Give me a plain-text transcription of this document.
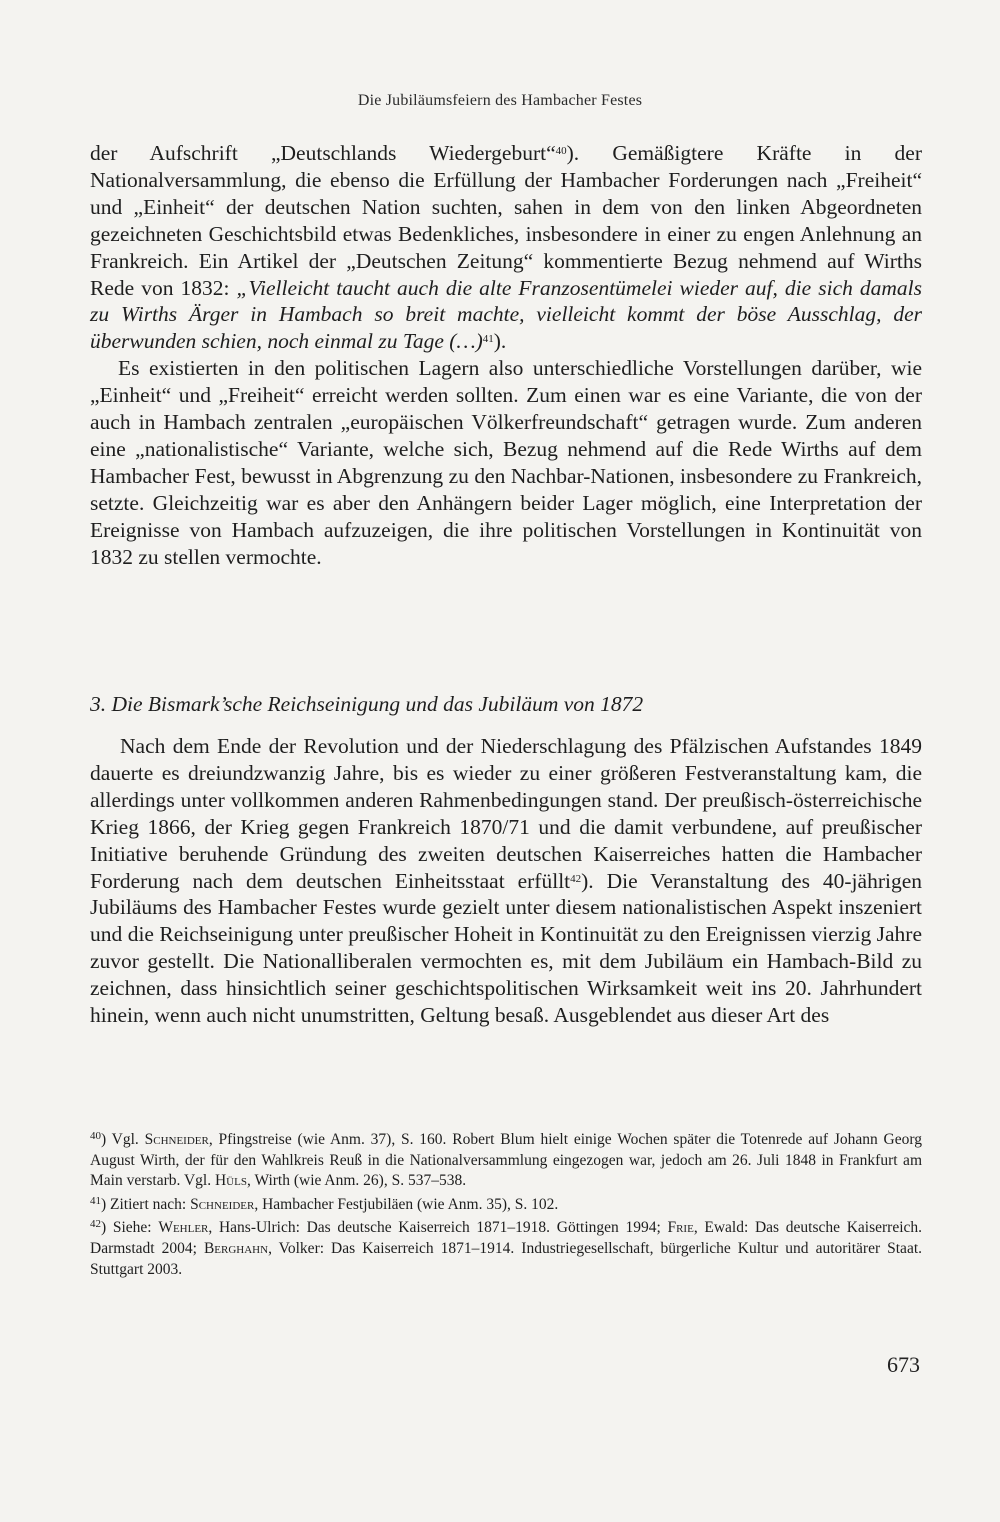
Die Jubiläumsfeiern des Hambacher Festes

der Aufschrift „Deutschlands Wiedergeburt“$^{40}$). Gemäßigtere Kräfte in der Nationalversammlung, die ebenso die Erfüllung der Hambacher Forderungen nach „Freiheit“ und „Einheit“ der deutschen Nation suchten, sahen in dem von den linken Abgeordneten gezeichneten Geschichtsbild etwas Bedenkliches, insbesondere in einer zu engen Anlehnung an Frankreich. Ein Artikel der „Deutschen Zeitung“ kommentierte Bezug nehmend auf Wirths Rede von 1832: „Vielleicht taucht auch die alte Franzosentümelei wieder auf, die sich damals zu Wirths Ärger in Hambach so breit machte, vielleicht kommt der böse Ausschlag, der überwunden schien, noch einmal zu Tage (…)$^{41}$).

Es existierten in den politischen Lagern also unterschiedliche Vorstellungen darüber, wie „Einheit“ und „Freiheit“ erreicht werden sollten. Zum einen war es eine Variante, die von der auch in Hambach zentralen „europäischen Völkerfreundschaft“ getragen wurde. Zum anderen eine „nationalistische“ Variante, welche sich, Bezug nehmend auf die Rede Wirths auf dem Hambacher Fest, bewusst in Abgrenzung zu den Nachbar-Nationen, insbesondere zu Frankreich, setzte. Gleichzeitig war es aber den Anhängern beider Lager möglich, eine Interpretation der Ereignisse von Hambach aufzuzeigen, die ihre politischen Vorstellungen in Kontinuität von 1832 zu stellen vermochte.

3. Die Bismark’sche Reichseinigung und das Jubiläum von 1872

Nach dem Ende der Revolution und der Niederschlagung des Pfälzischen Aufstandes 1849 dauerte es dreiundzwanzig Jahre, bis es wieder zu einer größeren Festveranstaltung kam, die allerdings unter vollkommen anderen Rahmenbedingungen stand. Der preußisch-österreichische Krieg 1866, der Krieg gegen Frankreich 1870/71 und die damit verbundene, auf preußischer Initiative beruhende Gründung des zweiten deutschen Kaiserreiches hatten die Hambacher Forderung nach dem deutschen Einheitsstaat erfüllt$^{42}$). Die Veranstaltung des 40-jährigen Jubiläums des Hambacher Festes wurde gezielt unter diesem nationalistischen Aspekt inszeniert und die Reichseinigung unter preußischer Hoheit in Kontinuität zu den Ereignissen vierzig Jahre zuvor gestellt. Die Nationalliberalen vermochten es, mit dem Jubiläum ein Hambach-Bild zu zeichnen, dass hinsichtlich seiner geschichtspolitischen Wirksamkeit weit ins 20. Jahrhundert hinein, wenn auch nicht unumstritten, Geltung besaß. Ausgeblendet aus dieser Art des

$^{40}$) Vgl. Schneider, Pfingstreise (wie Anm. 37), S. 160. Robert Blum hielt einige Wochen später die Totenrede auf Johann Georg August Wirth, der für den Wahlkreis Reuß in die Nationalversammlung eingezogen war, jedoch am 26. Juli 1848 in Frankfurt am Main verstarb. Vgl. Hüls, Wirth (wie Anm. 26), S. 537–538.

$^{41}$) Zitiert nach: Schneider, Hambacher Festjubiläen (wie Anm. 35), S. 102.

$^{42}$) Siehe: Wehler, Hans-Ulrich: Das deutsche Kaiserreich 1871–1918. Göttingen 1994; Frie, Ewald: Das deutsche Kaiserreich. Darmstadt 2004; Berghahn, Volker: Das Kaiserreich 1871–1914. Industriegesellschaft, bürgerliche Kultur und autoritärer Staat. Stuttgart 2003.

673
